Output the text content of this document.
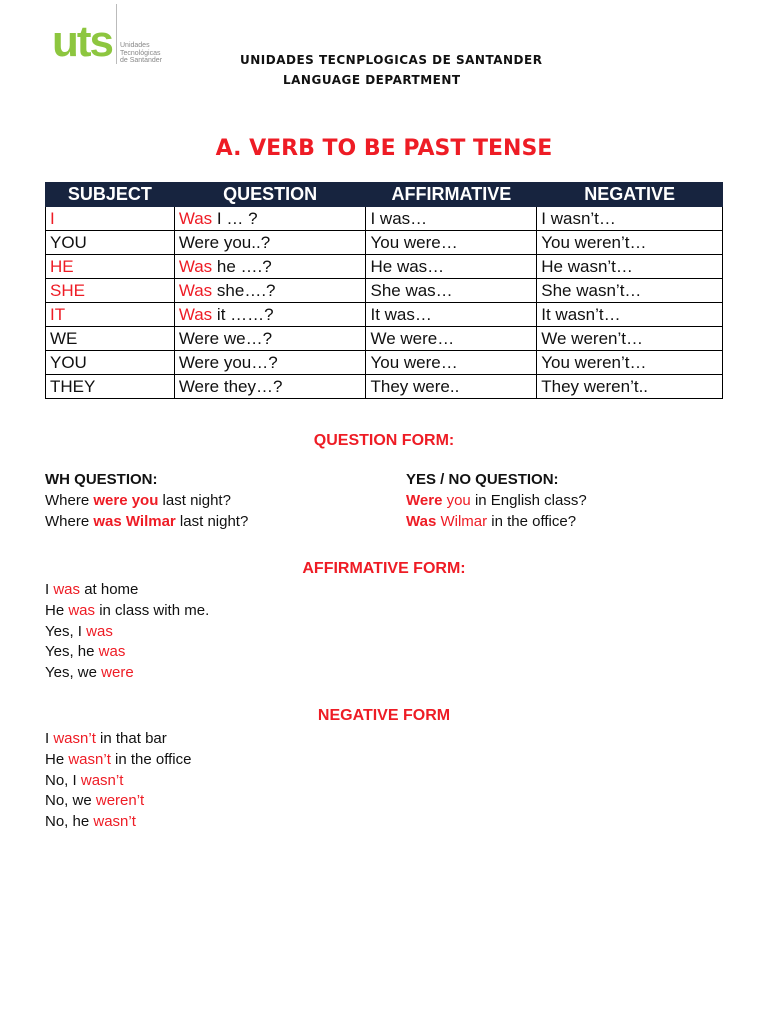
uts Unidades
Tecnológicas
de Santander	UNIDADES TECNPLOGICAS DE SANTANDER
LANGUAGE DEPARTMENT
A. VERB TO BE PAST TENSE
SUBJECT	QUESTION	AFFIRMATIVE	NEGATIVE
I	Was I … ?	I was…	I wasn’t…
YOU	Were you..?	You were…	You weren’t…
HE	Was he ….?	He was…	He wasn’t…
SHE	Was she….?	She was…	She wasn’t…
IT	Was it ……?	It was…	It wasn’t…
WE	Were we…?	We were…	We weren’t…
YOU	Were you…?	You were…	You weren’t…
THEY	Were they…?	They were..	They weren’t..
QUESTION FORM:
WH QUESTION:	YES / NO QUESTION:
Where were you last night?
Where was Wilmar last night?
Were you in English class?
Was Wilmar in the office?
AFFIRMATIVE FORM:
I was at home
He was in class with me.
Yes, I was
Yes, he was
Yes, we were
NEGATIVE FORM
I wasn’t in that bar
He wasn’t in the office
No, I wasn’t
No, we weren’t
No, he wasn’t
